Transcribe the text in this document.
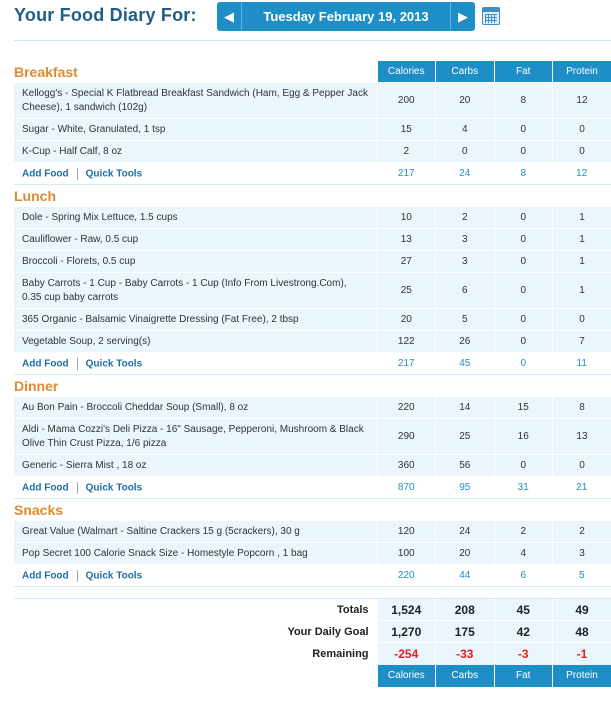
Your Food Diary For: ◀	Tuesday February 19, 2013	▶
Breakfast	Calories	Carbs	Fat	Protein
Kellogg's - Special K Flatbread Breakfast Sandwich (Ham, Egg & Pepper Jack Cheese), 1 sandwich (102g)	200	20	8	12
Sugar - White, Granulated, 1 tsp	15	4	0	0
K-Cup - Half Calf, 8 oz	2	0	0	0
Add Food Quick Tools	217	24	8	12
Lunch				
Dole - Spring Mix Lettuce, 1.5 cups	10	2	0	1
Cauliflower - Raw, 0.5 cup	13	3	0	1
Broccoli - Florets, 0.5 cup	27	3	0	1
Baby Carrots - 1 Cup - Baby Carrots - 1 Cup (Info From Livestrong.Com), 0.35 cup baby carrots	25	6	0	1
365 Organic - Balsamic Vinaigrette Dressing (Fat Free), 2 tbsp	20	5	0	0
Vegetable Soup, 2 serving(s)	122	26	0	7
Add Food Quick Tools	217	45	0	11
Dinner				
Au Bon Pain - Broccoli Cheddar Soup (Small), 8 oz	220	14	15	8
Aldi - Mama Cozzi's Deli Pizza - 16" Sausage, Pepperoni, Mushroom & Black Olive Thin Crust Pizza, 1/6 pizza	290	25	16	13
Generic - Sierra Mist , 18 oz	360	56	0	0
Add Food Quick Tools	870	95	31	21
Snacks				
Great Value (Walmart - Saltine Crackers 15 g (5crackers), 30 g	120	24	2	2
Pop Secret 100 Calorie Snack Size - Homestyle Popcorn , 1 bag	100	20	4	3
Add Food Quick Tools	220	44	6	5
Totals	1,524	208	45	49
Your Daily Goal	1,270	175	42	48
Remaining	-254	-33	-3	-1
	Calories	Carbs	Fat	Protein
